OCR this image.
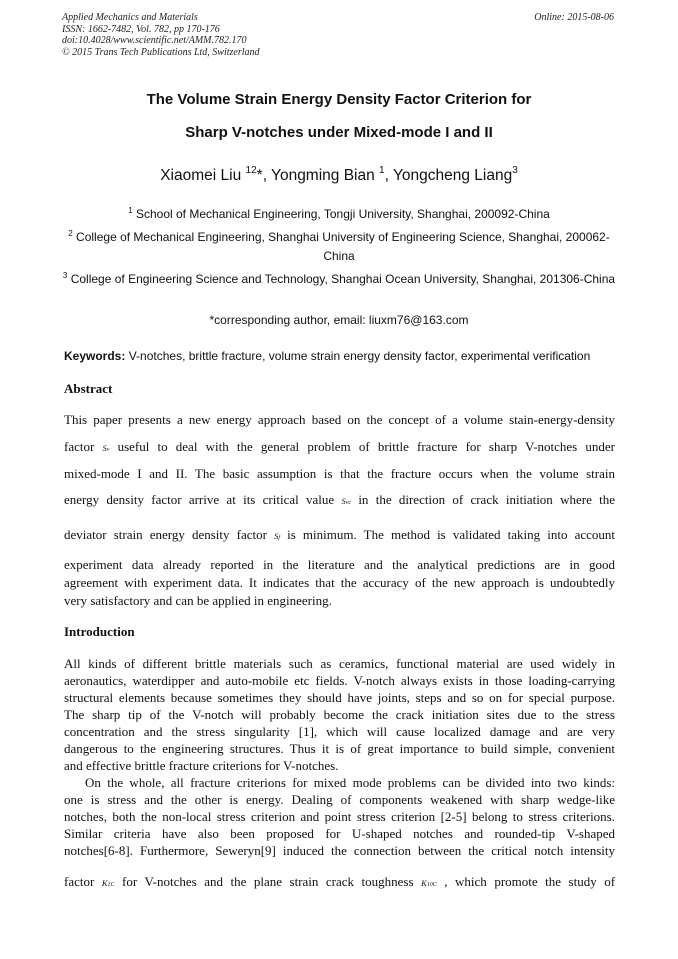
Applied Mechanics and Materials
ISSN: 1662-7482, Vol. 782, pp 170-176
doi:10.4028/www.scientific.net/AMM.782.170
© 2015 Trans Tech Publications Ltd, Switzerland
Online: 2015-08-06
The Volume Strain Energy Density Factor Criterion for
Sharp V-notches under Mixed-mode I and II
Xiaomei Liu $^{12}$*, Yongming Bian $^1$, Yongcheng Liang$^3$
$^1$ School of Mechanical Engineering, Tongji University, Shanghai, 200092-China
$^2$ College of Mechanical Engineering, Shanghai University of Engineering Science, Shanghai, 200062-China
$^3$ College of Engineering Science and Technology, Shanghai Ocean University, Shanghai, 201306-China
*corresponding author, email: liuxm76@163.com
Keywords: V-notches, brittle fracture, volume strain energy density factor, experimental verification
Abstract
This paper presents a new energy approach based on the concept of a volume stain-energy-density
factor Sv useful to deal with the general problem of brittle fracture for sharp V-notches under
mixed-mode I and II. The basic assumption is that the fracture occurs when the volume strain
energy density factor arrive at its critical value Svc in the direction of crack initiation where the
deviator strain energy density factor Sf is minimum. The method is validated taking into account
experiment data already reported in the literature and the analytical predictions are in good
agreement with experiment data. It indicates that the accuracy of the new approach is undoubtedly
very satisfactory and can be applied in engineering.
Introduction
All kinds of different brittle materials such as ceramics, functional material are used widely in
aeronautics, waterdipper and auto-mobile etc fields. V-notch always exists in those loading-carrying
structural elements because sometimes they should have joints, steps and so on for special purpose.
The sharp tip of the V-notch will probably become the crack initiation sites due to the stress
concentration and the stress singularity [1], which will cause localized damage and are very
dangerous to the engineering structures. Thus it is of great importance to build simple, convenient
and effective brittle fracture criterions for V-notches.
On the whole, all fracture criterions for mixed mode problems can be divided into two kinds:
one is stress and the other is energy. Dealing of components weakened with sharp wedge-like
notches, both the non-local stress criterion and point stress criterion [2-5] belong to stress criterions.
Similar criteria have also been proposed for U-shaped notches and rounded-tip V-shaped
notches[6-8]. Furthermore, Seweryn[9] induced the connection between the critical notch intensity
factor K1C for V-notches and the plane strain crack toughness K10C , which promote the study of
